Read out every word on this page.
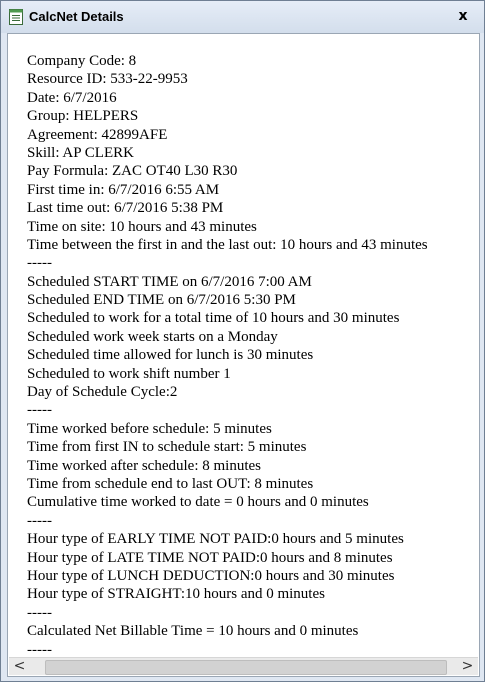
CalcNet Details	x
Company Code: 8
Resource ID: 533-22-9953
Date: 6/7/2016
Group: HELPERS
Agreement: 42899AFE
Skill: AP CLERK
Pay Formula: ZAC OT40 L30 R30
First time in: 6/7/2016 6:55 AM
Last time out: 6/7/2016 5:38 PM
Time on site: 10 hours and 43 minutes
Time between the first in and the last out: 10 hours and 43 minutes
-----
Scheduled START TIME on 6/7/2016 7:00 AM
Scheduled END TIME on 6/7/2016 5:30 PM
Scheduled to work for a total time of 10 hours and 30 minutes
Scheduled work week starts on a Monday
Scheduled time allowed for lunch is 30 minutes
Scheduled to work shift number 1
Day of Schedule Cycle:2
-----
Time worked before schedule: 5 minutes
Time from first IN to schedule start: 5 minutes
Time worked after schedule: 8 minutes
Time from schedule end to last OUT: 8 minutes
Cumulative time worked to date = 0 hours and 0 minutes
-----
Hour type of EARLY TIME NOT PAID:0 hours and 5 minutes
Hour type of LATE TIME NOT PAID:0 hours and 8 minutes
Hour type of LUNCH DEDUCTION:0 hours and 30 minutes
Hour type of STRAIGHT:10 hours and 0 minutes
-----
Calculated Net Billable Time = 10 hours and 0 minutes
-----
<	>
